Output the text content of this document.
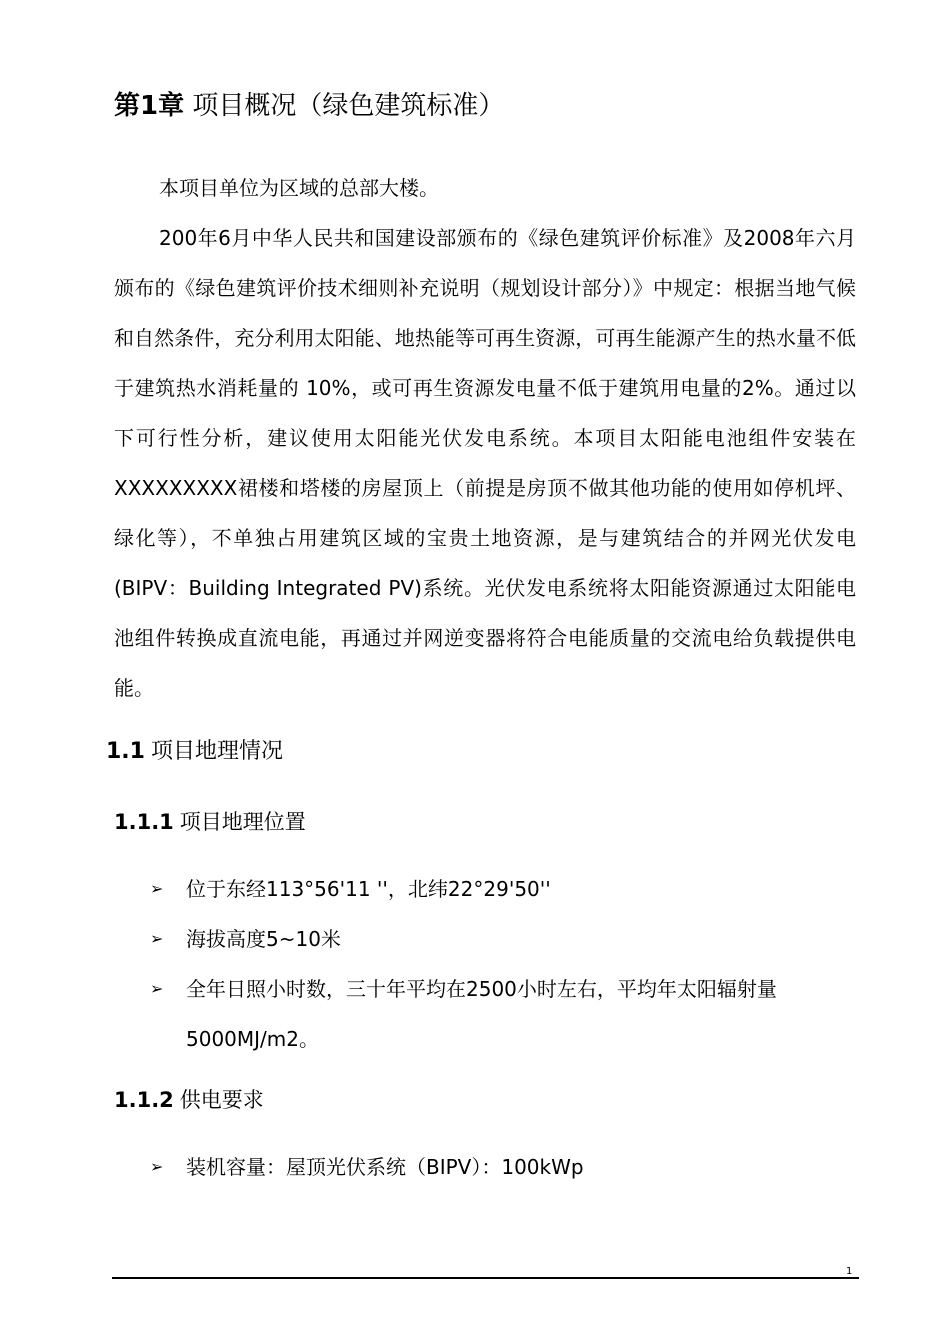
第1章 项目概况（绿色建筑标准）

本项目单位为区域的总部大楼。

200年6月中华人民共和国建设部颁布的《绿色建筑评价标准》及2008年六月颁布的《绿色建筑评价技术细则补充说明（规划设计部分）》中规定：根据当地气候和自然条件，充分利用太阳能、地热能等可再生资源，可再生能源产生的热水量不低于建筑热水消耗量的 10%，或可再生资源发电量不低于建筑用电量的2%。通过以下可行性分析，建议使用太阳能光伏发电系统。本项目太阳能电池组件安装在XXXXXXXXX裙楼和塔楼的房屋顶上（前提是房顶不做其他功能的使用如停机坪、绿化等），不单独占用建筑区域的宝贵土地资源，是与建筑结合的并网光伏发电(BIPV：Building Integrated PV)系统。光伏发电系统将太阳能资源通过太阳能电池组件转换成直流电能，再通过并网逆变器将符合电能质量的交流电给负载提供电能。

1.1 项目地理情况
1.1.1 项目地理位置
➢ 位于东经113°56'11 ''，北纬22°29'50''
➢ 海拔高度5~10米
➢ 全年日照小时数，三十年平均在2500小时左右，平均年太阳辐射量5000MJ/m2。
1.1.2 供电要求
➢ 装机容量：屋顶光伏系统（BIPV）：100kWp
1
